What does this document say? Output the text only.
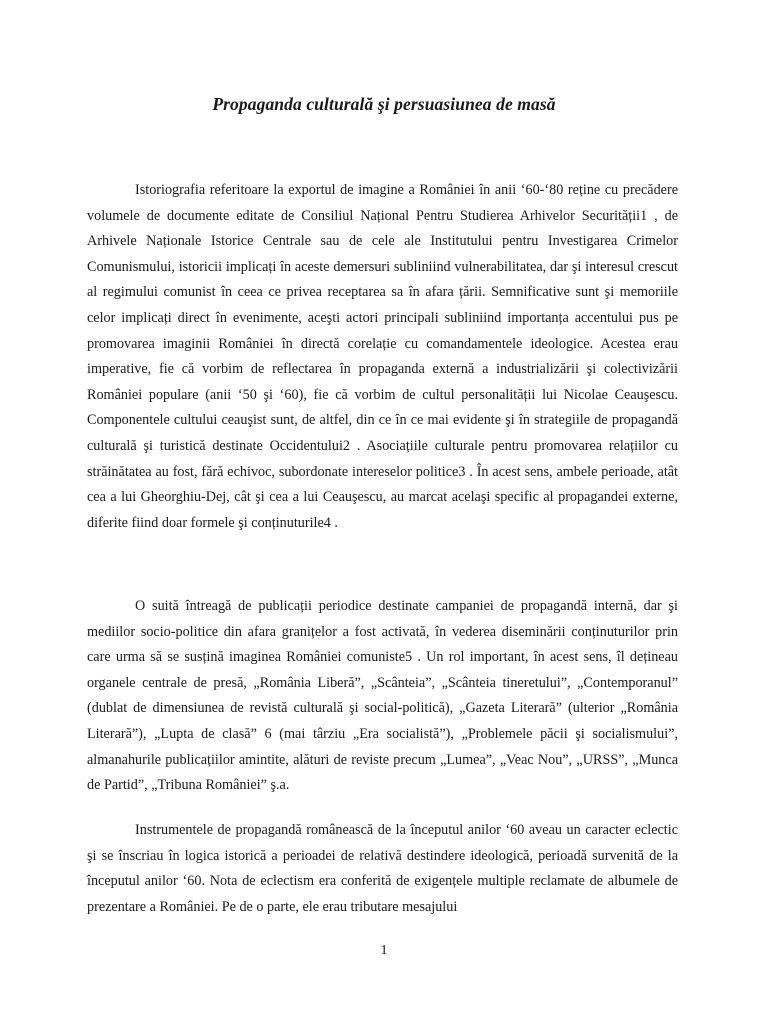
Propaganda culturală şi persuasiunea de masă

Istoriografia referitoare la exportul de imagine a României în anii ‘60-‘80 reține cu precădere volumele de documente editate de Consiliul Național Pentru Studierea Arhivelor Securității1 , de Arhivele Naționale Istorice Centrale sau de cele ale Institutului pentru Investigarea Crimelor Comunismului, istoricii implicați în aceste demersuri subliniind vulnerabilitatea, dar şi interesul crescut al regimului comunist în ceea ce privea receptarea sa în afara țării. Semnificative sunt şi memoriile celor implicați direct în evenimente, aceşti actori principali subliniind importanța accentului pus pe promovarea imaginii României în directă corelație cu comandamentele ideologice. Acestea erau imperative, fie că vorbim de reflectarea în propaganda externă a industrializării şi colectivizării României populare (anii ‘50 şi ‘60), fie că vorbim de cultul personalității lui Nicolae Ceauşescu. Componentele cultului ceauşist sunt, de altfel, din ce în ce mai evidente şi în strategiile de propagandă culturală şi turistică destinate Occidentului2 . Asociațiile culturale pentru promovarea relațiilor cu străinătatea au fost, fără echivoc, subordonate intereselor politice3 . În acest sens, ambele perioade, atât cea a lui Gheorghiu-Dej, cât şi cea a lui Ceauşescu, au marcat acelaşi specific al propagandei externe, diferite fiind doar formele şi conținuturile4 .

O suită întreagă de publicații periodice destinate campaniei de propagandă internă, dar şi mediilor socio-politice din afara granițelor a fost activată, în vederea diseminării conținuturilor prin care urma să se susțină imaginea României comuniste5 . Un rol important, în acest sens, îl dețineau organele centrale de presă, „România Liberă”, „Scânteia”, „Scânteia tineretului”, „Contemporanul” (dublat de dimensiunea de revistă culturală şi social-politică), „Gazeta Literară” (ulterior „România Literară”), „Lupta de clasă” 6 (mai târziu „Era socialistă”), „Problemele păcii şi socialismului”, almanahurile publicațiilor amintite, alături de reviste precum „Lumea”, „Veac Nou”, „URSS”, „Munca de Partid”, „Tribuna României” ş.a.

Instrumentele de propagandă românească de la începutul anilor ‘60 aveau un caracter eclectic şi se înscriau în logica istorică a perioadei de relativă destindere ideologică, perioadă survenită de la începutul anilor ‘60. Nota de eclectism era conferită de exigențele multiple reclamate de albumele de prezentare a României. Pe de o parte, ele erau tributare mesajului

1
